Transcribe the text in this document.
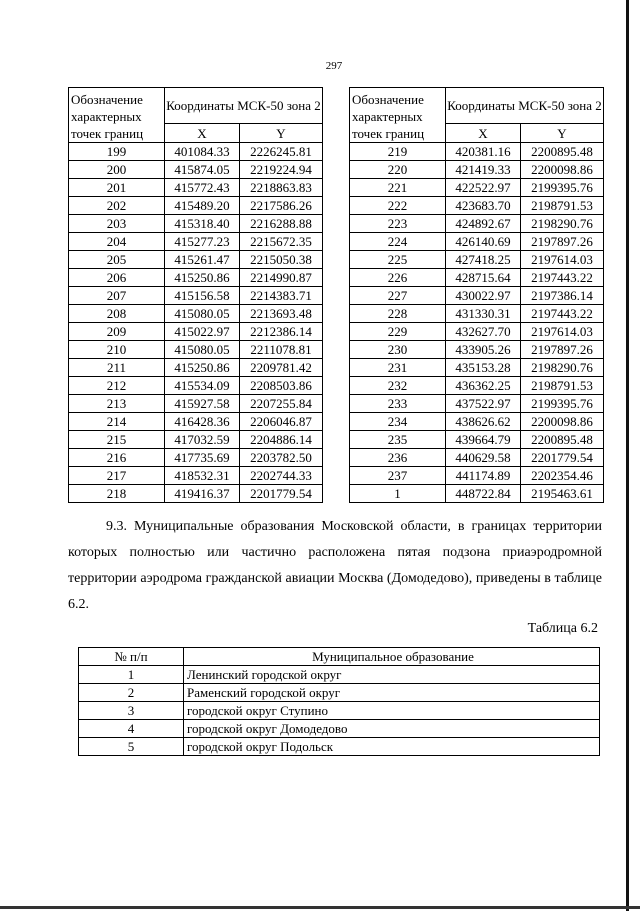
297
Обозначение характерных точек границ	Координаты МСК-50 зона 2	
	X	Y
199	401084.33	2226245.81
200	415874.05	2219224.94
201	415772.43	2218863.83
202	415489.20	2217586.26
203	415318.40	2216288.88
204	415277.23	2215672.35
205	415261.47	2215050.38
206	415250.86	2214990.87
207	415156.58	2214383.71
208	415080.05	2213693.48
209	415022.97	2212386.14
210	415080.05	2211078.81
211	415250.86	2209781.42
212	415534.09	2208503.86
213	415927.58	2207255.84
214	416428.36	2206046.87
215	417032.59	2204886.14
216	417735.69	2203782.50
217	418532.31	2202744.33
218	419416.37	2201779.54
Обозначение характерных точек границ	Координаты МСК-50 зона 2	
	X	Y
219	420381.16	2200895.48
220	421419.33	2200098.86
221	422522.97	2199395.76
222	423683.70	2198791.53
223	424892.67	2198290.76
224	426140.69	2197897.26
225	427418.25	2197614.03
226	428715.64	2197443.22
227	430022.97	2197386.14
228	431330.31	2197443.22
229	432627.70	2197614.03
230	433905.26	2197897.26
231	435153.28	2198290.76
232	436362.25	2198791.53
233	437522.97	2199395.76
234	438626.62	2200098.86
235	439664.79	2200895.48
236	440629.58	2201779.54
237	441174.89	2202354.46
1	448722.84	2195463.61
9.3. Муниципальные образования Московской области, в границах территории которых полностью или частично расположена пятая подзона приаэродромной территории аэродрома гражданской авиации Москва (Домодедово), приведены в таблице 6.2.
Таблица 6.2
№ п/п	Муниципальное образование
1	Ленинский городской округ
2	Раменский городской округ
3	городской округ Ступино
4	городской округ Домодедово
5	городской округ Подольск
